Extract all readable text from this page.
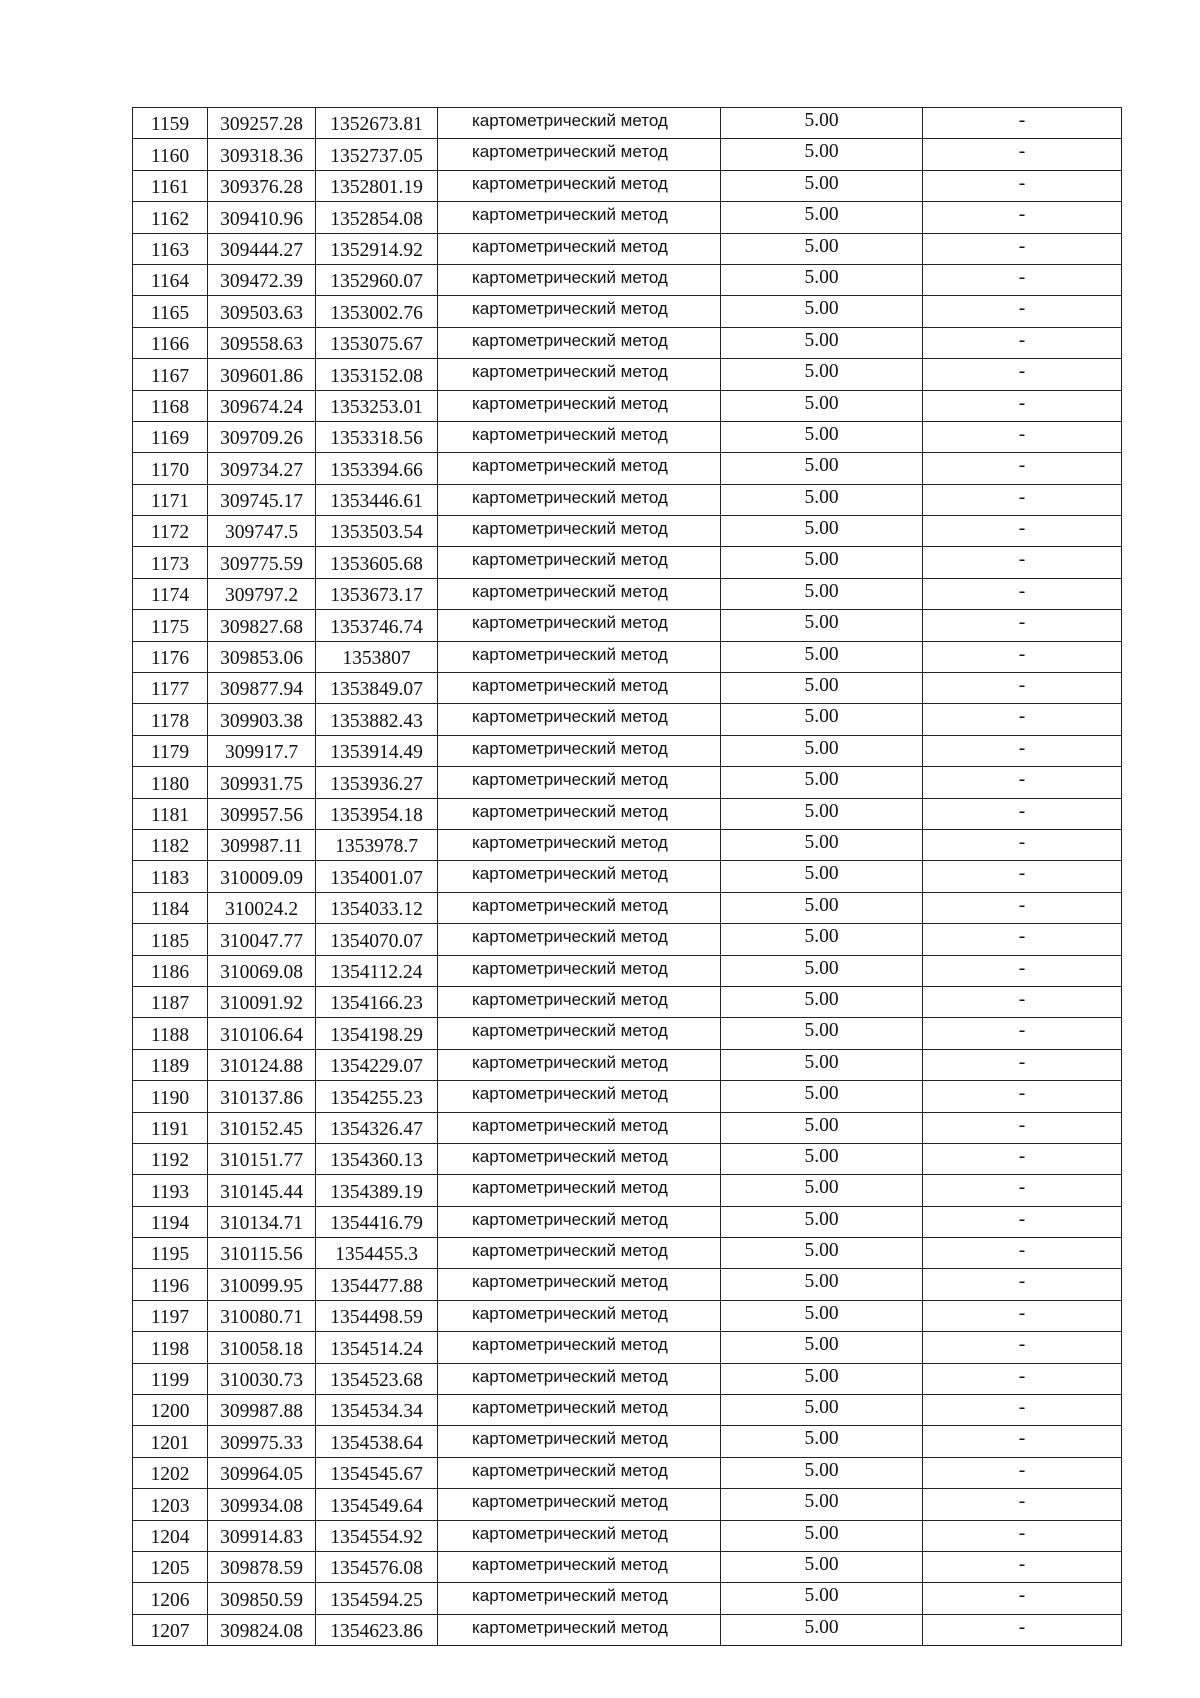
1159	309257.28	1352673.81	картометрический метод	5.00	-
1160	309318.36	1352737.05	картометрический метод	5.00	-
1161	309376.28	1352801.19	картометрический метод	5.00	-
1162	309410.96	1352854.08	картометрический метод	5.00	-
1163	309444.27	1352914.92	картометрический метод	5.00	-
1164	309472.39	1352960.07	картометрический метод	5.00	-
1165	309503.63	1353002.76	картометрический метод	5.00	-
1166	309558.63	1353075.67	картометрический метод	5.00	-
1167	309601.86	1353152.08	картометрический метод	5.00	-
1168	309674.24	1353253.01	картометрический метод	5.00	-
1169	309709.26	1353318.56	картометрический метод	5.00	-
1170	309734.27	1353394.66	картометрический метод	5.00	-
1171	309745.17	1353446.61	картометрический метод	5.00	-
1172	309747.5	1353503.54	картометрический метод	5.00	-
1173	309775.59	1353605.68	картометрический метод	5.00	-
1174	309797.2	1353673.17	картометрический метод	5.00	-
1175	309827.68	1353746.74	картометрический метод	5.00	-
1176	309853.06	1353807	картометрический метод	5.00	-
1177	309877.94	1353849.07	картометрический метод	5.00	-
1178	309903.38	1353882.43	картометрический метод	5.00	-
1179	309917.7	1353914.49	картометрический метод	5.00	-
1180	309931.75	1353936.27	картометрический метод	5.00	-
1181	309957.56	1353954.18	картометрический метод	5.00	-
1182	309987.11	1353978.7	картометрический метод	5.00	-
1183	310009.09	1354001.07	картометрический метод	5.00	-
1184	310024.2	1354033.12	картометрический метод	5.00	-
1185	310047.77	1354070.07	картометрический метод	5.00	-
1186	310069.08	1354112.24	картометрический метод	5.00	-
1187	310091.92	1354166.23	картометрический метод	5.00	-
1188	310106.64	1354198.29	картометрический метод	5.00	-
1189	310124.88	1354229.07	картометрический метод	5.00	-
1190	310137.86	1354255.23	картометрический метод	5.00	-
1191	310152.45	1354326.47	картометрический метод	5.00	-
1192	310151.77	1354360.13	картометрический метод	5.00	-
1193	310145.44	1354389.19	картометрический метод	5.00	-
1194	310134.71	1354416.79	картометрический метод	5.00	-
1195	310115.56	1354455.3	картометрический метод	5.00	-
1196	310099.95	1354477.88	картометрический метод	5.00	-
1197	310080.71	1354498.59	картометрический метод	5.00	-
1198	310058.18	1354514.24	картометрический метод	5.00	-
1199	310030.73	1354523.68	картометрический метод	5.00	-
1200	309987.88	1354534.34	картометрический метод	5.00	-
1201	309975.33	1354538.64	картометрический метод	5.00	-
1202	309964.05	1354545.67	картометрический метод	5.00	-
1203	309934.08	1354549.64	картометрический метод	5.00	-
1204	309914.83	1354554.92	картометрический метод	5.00	-
1205	309878.59	1354576.08	картометрический метод	5.00	-
1206	309850.59	1354594.25	картометрический метод	5.00	-
1207	309824.08	1354623.86	картометрический метод	5.00	-
